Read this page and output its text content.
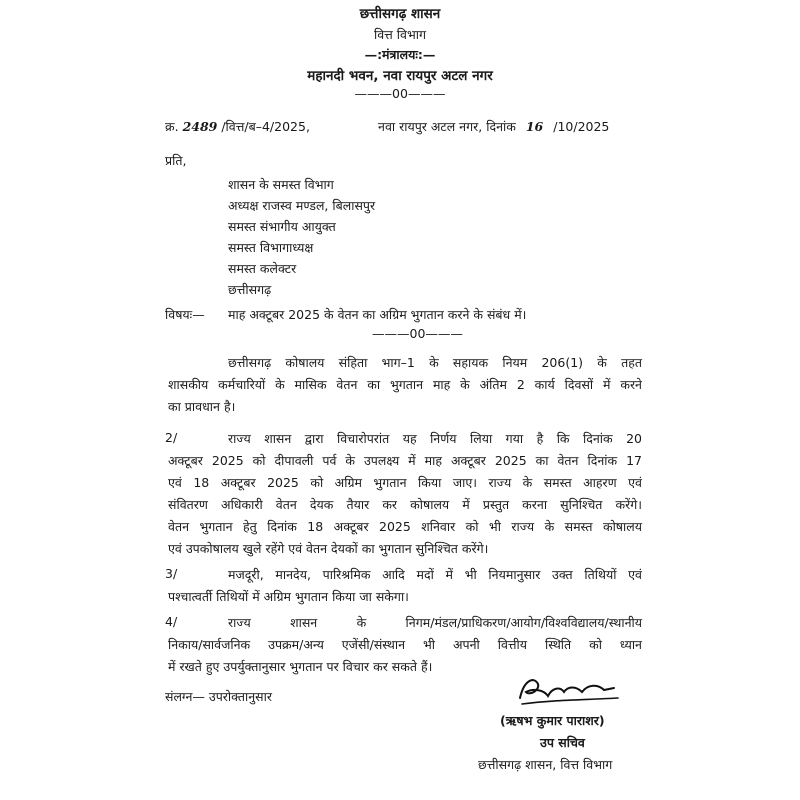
छत्तीसगढ़ शासन
वित्त विभाग
—:मंत्रालयः:—
महानदी भवन, नवा रायपुर अटल नगर
———00———
क्र. 2489 /वित्त/ब–4/2025,	नवा रायपुर अटल नगर, दिनांक 16 /10/2025
प्रति,
शासन के समस्त विभाग
अध्यक्ष राजस्व मण्डल, बिलासपुर
समस्त संभागीय आयुक्त
समस्त विभागाध्यक्ष
समस्त कलेक्टर
छत्तीसगढ़
विषयः— माह अक्टूबर 2025 के वेतन का अग्रिम भुगतान करने के संबंध में।
———00———
छत्तीसगढ़ कोषालय संहिता भाग–1 के सहायक नियम 206(1) के तहत
शासकीय कर्मचारियों के मासिक वेतन का भुगतान माह के अंतिम 2 कार्य दिवसों में करने
का प्रावधान है।
2/	राज्य शासन द्वारा विचारोपरांत यह निर्णय लिया गया है कि दिनांक 20
अक्टूबर 2025 को दीपावली पर्व के उपलक्ष्य में माह अक्टूबर 2025 का वेतन दिनांक 17
एवं 18 अक्टूबर 2025 को अग्रिम भुगतान किया जाए। राज्य के समस्त आहरण एवं
संवितरण अधिकारी वेतन देयक तैयार कर कोषालय में प्रस्तुत करना सुनिश्चित करेंगे।
वेतन भुगतान हेतु दिनांक 18 अक्टूबर 2025 शनिवार को भी राज्य के समस्त कोषालय
एवं उपकोषालय खुले रहेंगे एवं वेतन देयकों का भुगतान सुनिश्चित करेंगे।
3/	मजदूरी, मानदेय, पारिश्रमिक आदि मदों में भी नियमानुसार उक्त तिथियों एवं
पश्चात्वर्ती तिथियों में अग्रिम भुगतान किया जा सकेगा।
4/	राज्य शासन के निगम/मंडल/प्राधिकरण/आयोग/विश्वविद्यालय/स्थानीय
निकाय/सार्वजनिक उपक्रम/अन्य एजेंसी/संस्थान भी अपनी वित्तीय स्थिति को ध्यान
में रखते हुए उपर्युक्तानुसार भुगतान पर विचार कर सकते हैं।
संलग्न— उपरोक्तानुसार
(ऋषभ कुमार पाराशर)
उप सचिव
छत्तीसगढ़ शासन, वित्त विभाग
